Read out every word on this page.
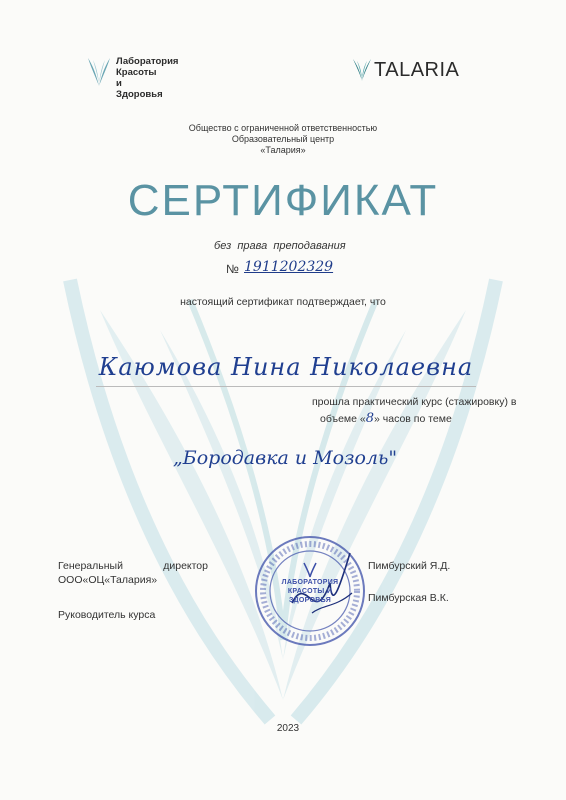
Лаборатория
Красоты
и
Здоровья
TALARIA
Общество с ограниченной ответственностью
Образовательный центр
«Талария»
СЕРТИФИКАТ
без права преподавания
№ 1911202329
настоящий сертификат подтверждает, что
Каюмова Нина Николаевна
прошла практический курс (стажировку) в
объеме «8» часов по теме
„Бородавка и Мозоль"
Генеральный	директор
ООО«ОЦ«Талария»
Руководитель курса
Пимбурский Я.Д.
Пимбурская В.К.
ЛАБОРАТОРИЯ
КРАСОТЫ И
ЗДОРОВЬЯ
2023
